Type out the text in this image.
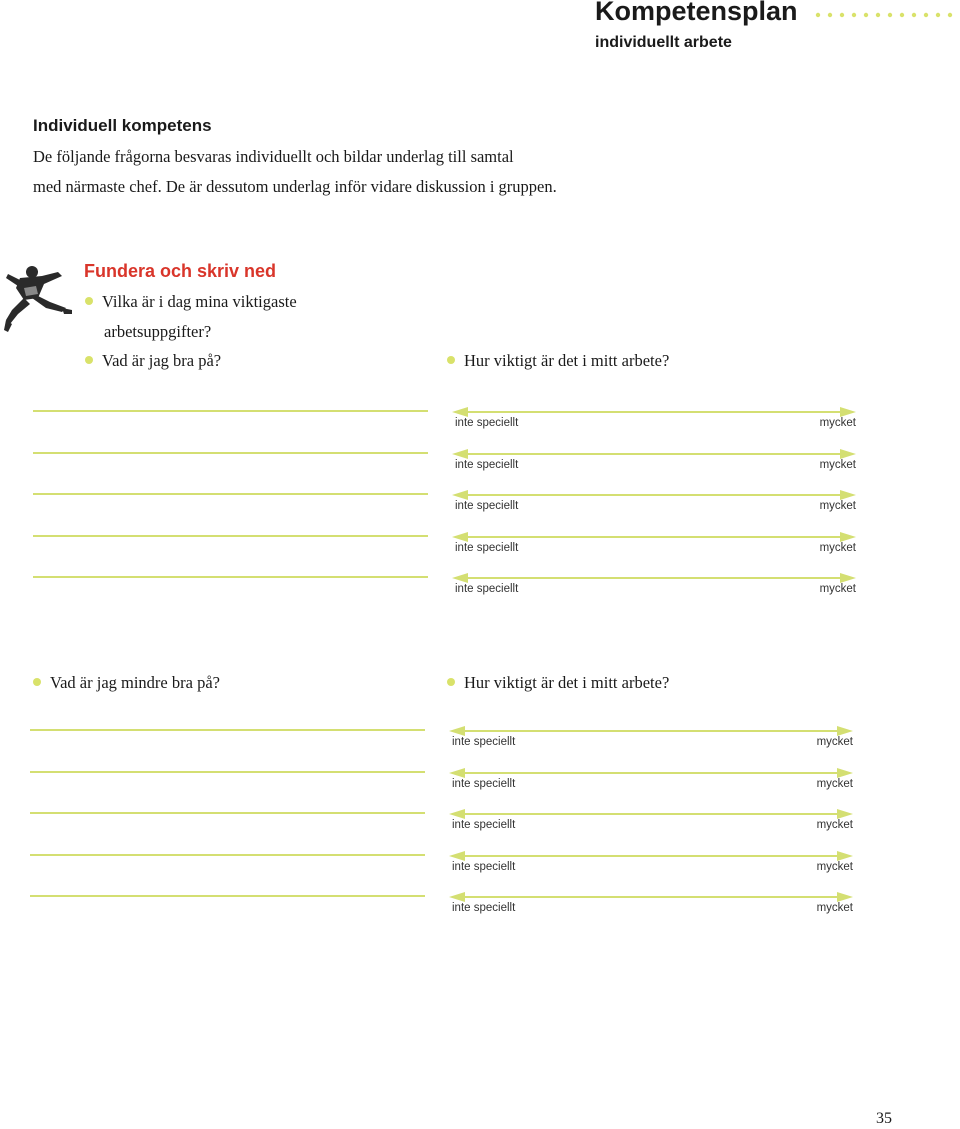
Kompetensplan
individuellt arbete
Individuell kompetens
De följande frågorna besvaras individuellt och bildar underlag till samtal
med närmaste chef. De är dessutom underlag inför vidare diskussion i gruppen.
Fundera och skriv ned
Vilka är i dag mina viktigaste
arbetsuppgifter?
Vad är jag bra på?	Hur viktigt är det i mitt arbete?
inte speciellt	mycket
inte speciellt	mycket
inte speciellt	mycket
inte speciellt	mycket
inte speciellt	mycket
Vad är jag mindre bra på?	Hur viktigt är det i mitt arbete?
inte speciellt	mycket
inte speciellt	mycket
inte speciellt	mycket
inte speciellt	mycket
inte speciellt	mycket
35
